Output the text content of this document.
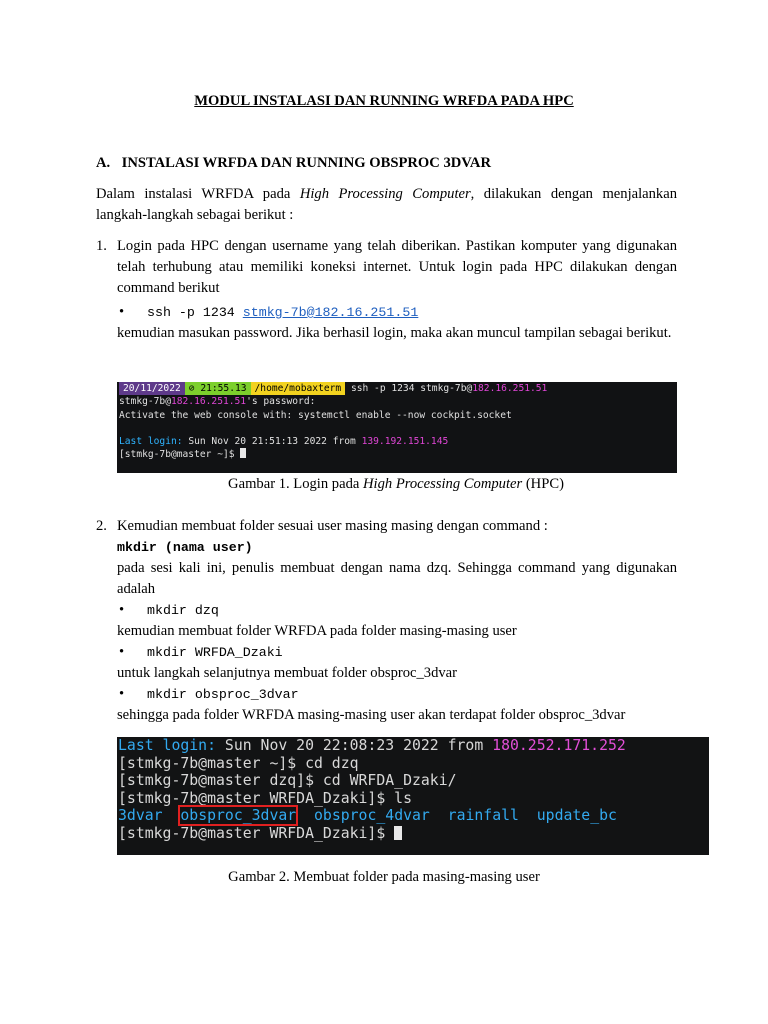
MODUL INSTALASI DAN RUNNING WRFDA PADA HPC
A. INSTALASI WRFDA DAN RUNNING OBSPROC 3DVAR
Dalam instalasi WRFDA pada High Processing Computer, dilakukan dengan menjalankan langkah-langkah sebagai berikut :
1. Login pada HPC dengan username yang telah diberikan. Pastikan komputer yang digunakan telah terhubung atau memiliki koneksi internet. Untuk login pada HPC dilakukan dengan command berikut
• ssh -p 1234 stmkg-7b@182.16.251.51
kemudian masukan password. Jika berhasil login, maka akan muncul tampilan sebagai berikut.
20/11/2022 ⊘ 21:55.13 /home/mobaxterm ssh -p 1234 stmkg-7b@182.16.251.51
stmkg-7b@182.16.251.51's password:
Activate the web console with: systemctl enable --now cockpit.socket

Last login: Sun Nov 20 21:51:13 2022 from 139.192.151.145
[stmkg-7b@master ~]$
Gambar 1. Login pada High Processing Computer (HPC)
2. Kemudian membuat folder sesuai user masing masing dengan command :
mkdir (nama user)
pada sesi kali ini, penulis membuat dengan nama dzq. Sehingga command yang digunakan adalah
• mkdir dzq
kemudian membuat folder WRFDA pada folder masing-masing user
• mkdir WRFDA_Dzaki
untuk langkah selanjutnya membuat folder obsproc_3dvar
• mkdir obsproc_3dvar
sehingga pada folder WRFDA masing-masing user akan terdapat folder obsproc_3dvar
Last login: Sun Nov 20 22:08:23 2022 from 180.252.171.252
[stmkg-7b@master ~]$ cd dzq
[stmkg-7b@master dzq]$ cd WRFDA_Dzaki/
[stmkg-7b@master WRFDA_Dzaki]$ ls
3dvar obsproc_3dvar obsproc_4dvar rainfall update_bc
[stmkg-7b@master WRFDA_Dzaki]$
Gambar 2. Membuat folder pada masing-masing user
